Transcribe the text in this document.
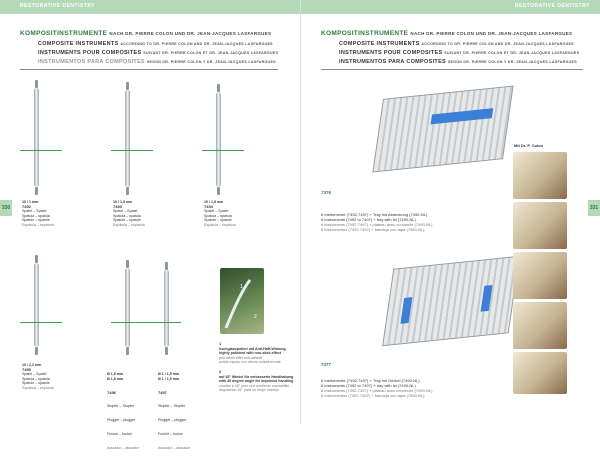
RESTORATIVE DENTISTRY
KOMPOSITINSTRUMENTE NACH DR. PIERRE COLON UND DR. JEAN-JACQUES LASFARGUES
COMPOSITE INSTRUMENTS ACCORDING TO DR. PIERRE COLON AND DR. JEAN-JACQUES LASFARGUES
INSTRUMENTS POUR COMPOSITES SUIVANT DR. PIERRE COLON ET DR. JEAN-JACQUES LASFARGUES
INSTRUMENTOS PARA COMPOSITES SEGÚN DR. PIERRE COLON Y DR. JEAN-JACQUES LASFARGUES
330
10 / 1 mm
7492
Spatel – Spatel
Spatula – spatula
Spatule – spatule
Espátula – espátula
10 / 1,5 mm
7493
Spatel – Spatel
Spatula – spatula
Spatule – spatule
Espátula – espátula
10 / 1,5 mm
7494
Spatel – Spatel
Spatula – spatula
Spatule – spatule
Espátula – espátula
1
2
10 / 2,2 mm
7495
Spatel – Spatel
Spatula – spatula
Spatule – spatule
Espátula – espátula

Ø 1,8 mm
Ø 1,8 mm

7496

Stopfer – Stopfer

Plugger – plugger

Fouloir – fouloir

Atacador – atacador

Ø 1 / 1,5 mm
Ø 1 / 1,5 mm

7497

Stopfer – Stopfer

Plugger – plugger

Fouloir – fouloir

Atacador – atacador

1
hochglanzpoliert mit Anti-Haft-Wirkung
highly polished with non-stick effect
poli-miroir effet anti-adhésif
pulido espejo con efecto antiadherente
2
auf 45° Winkel für verbesserte Handhabung
with 45 degree angle for improved handling
coudée à 45° pour une meilleure maniabilité
angulación 45° para un mejor manejo
RESTORATIVE DENTISTRY
KOMPOSITINSTRUMENTE NACH DR. PIERRE COLON UND DR. JEAN-JACQUES LASFARGUES
COMPOSITE INSTRUMENTS ACCORDING TO DR. PIERRE COLON AND DR. JEAN-JACQUES LASFARGUES
INSTRUMENTS POUR COMPOSITES SUIVANT DR. PIERRE COLON ET DR. JEAN-JACQUES LASFARGUES
INSTRUMENTOS PARA COMPOSITES SEGÚN DR. PIERRE COLON Y DR. JEAN-JACQUES LASFARGUES
331
7376
6 Instrumente (7492-7497) + Tray mit Abdeckung (7490-NL)
6 instruments (7492 to 7497) + tray with lid (7490-NL)
6 instruments (7492-7497) + plateau avec couvercle (7490-NL)
6 instrumentos (7492-7497) + bandeja con tapa (7490-NL)
7377
6 Instrumente (7492-7497) + Tray mit Deckel (7490-NL)
6 instruments (7492 to 7497) + tray with lid (7490-NL)
6 instruments (7492-7497) + plateau avec couvercle (7490-NL)
6 instrumentos (7492-7497) + bandeja con tapa (7490-NL)
Mit Dr. P. Colon
